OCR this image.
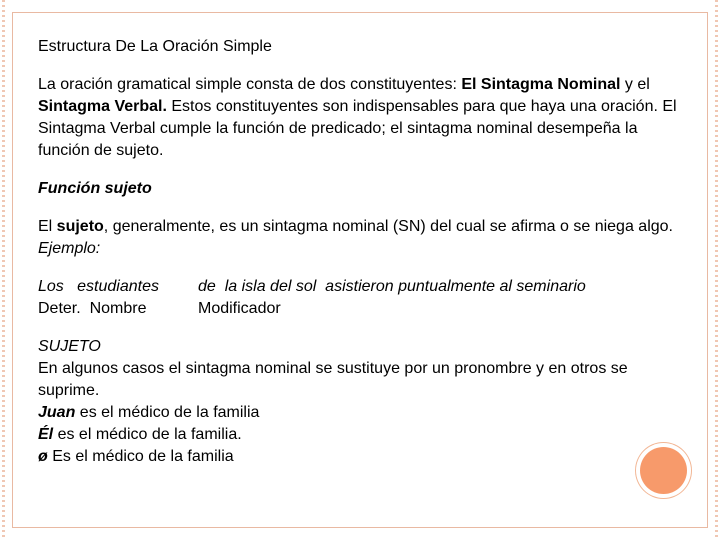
Estructura De La Oración Simple

La oración gramatical simple consta de dos constituyentes: El Sintagma Nominal y el Sintagma Verbal. Estos constituyentes son indispensables para que haya una oración. El Sintagma Verbal cumple la función de predicado; el sintagma nominal desempeña la función de sujeto.

Función sujeto

El sujeto, generalmente, es un sintagma nominal (SN) del cual se afirma o se niega algo. Ejemplo:

Los   estudiantes	de  la isla del sol  asistieron puntualmente al seminario
Deter.  Nombre	Modificador

SUJETO

En algunos casos el sintagma nominal se sustituye por un pronombre y en otros se suprime.

Juan es el médico de la familia

Él es el médico de la familia.

ø Es el médico de la familia
